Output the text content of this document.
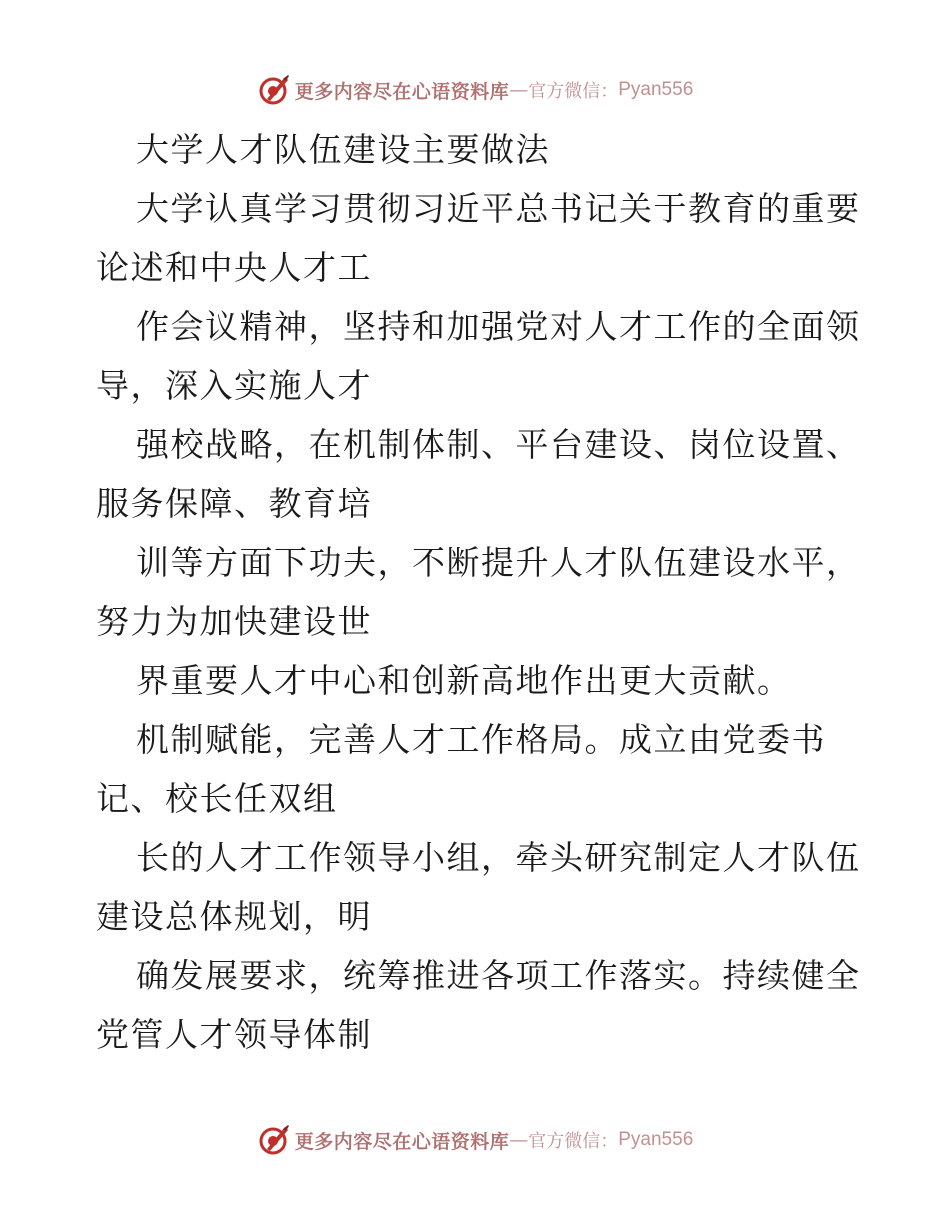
更多内容尽在心语资料库 — 官方微信： Pyan556
大学人才队伍建设主要做法
大学认真学习贯彻习近平总书记关于教育的重要
论述和中央人才工
作会议精神，坚持和加强党对人才工作的全面领
导，深入实施人才
强校战略，在机制体制、平台建设、岗位设置、
服务保障、教育培
训等方面下功夫，不断提升人才队伍建设水平，
努力为加快建设世
界重要人才中心和创新高地作出更大贡献。
机制赋能，完善人才工作格局。成立由党委书
记、校长任双组
长的人才工作领导小组，牵头研究制定人才队伍
建设总体规划，明
确发展要求，统筹推进各项工作落实。持续健全
党管人才领导体制
更多内容尽在心语资料库 — 官方微信： Pyan556
